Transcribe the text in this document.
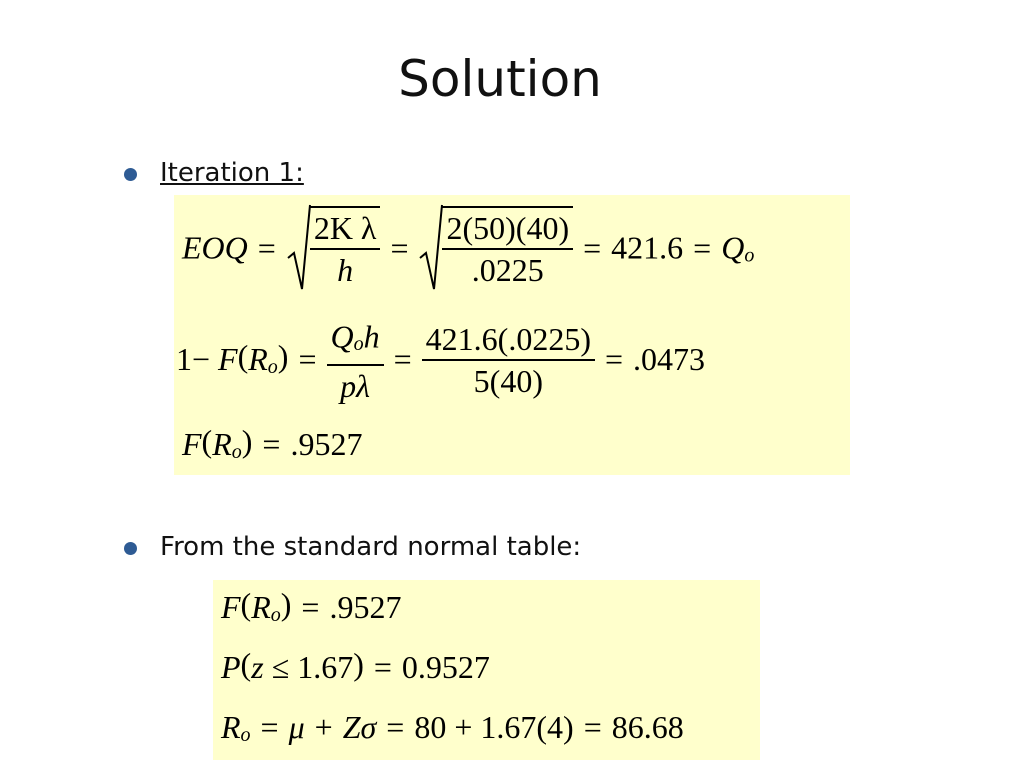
Solution
Iteration 1:
EOQ = $\frac{\text{2K λ}}{h} = \frac{2(50)(40)}{.0225} = 421.6 = Q_o$
$1- F(R_o) = \frac{Q_oh}{p\lambda} = \frac{421.6(.0225)}{5(40)} = .0473$
$F(R_o) = .9527$
From the standard normal table:
$F(R_o) = .9527$
P(z ≤ 1.67) = 0.9527
$R_o = \mu + Z\sigma = 80 + 1.67(4) = 86.68$
